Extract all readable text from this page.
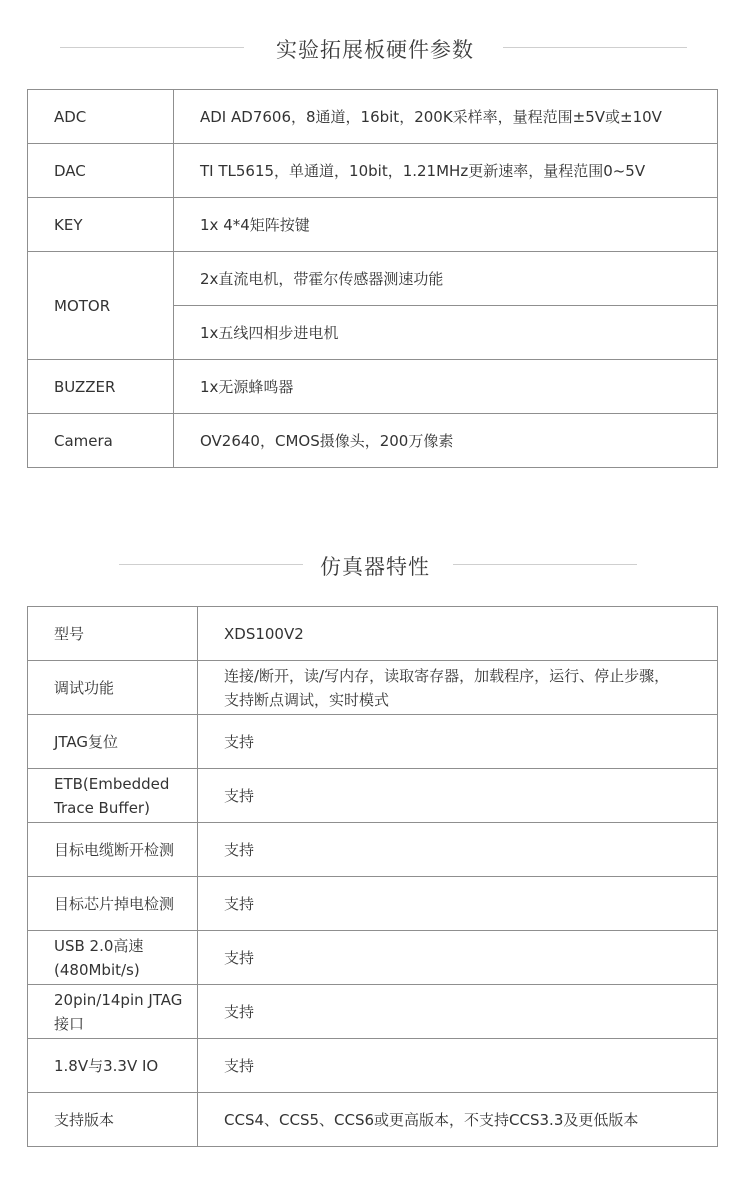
实验拓展板硬件参数
ADC	ADI AD7606，8通道，16bit，200K采样率，量程范围±5V或±10V
DAC	TI TL5615，单通道，10bit，1.21MHz更新速率，量程范围0~5V
KEY	1x 4*4矩阵按键
MOTOR	2x直流电机，带霍尔传感器测速功能
	1x五线四相步进电机
BUZZER	1x无源蜂鸣器
Camera	OV2640，CMOS摄像头，200万像素
仿真器特性
型号	XDS100V2
调试功能	连接/断开，读/写内存，读取寄存器，加载程序，运行、停止步骤，
支持断点调试，实时模式

JTAG复位	支持

ETB(Embedded
Trace Buffer)	支持
目标电缆断开检测	支持
目标芯片掉电检测	支持

USB 2.0高速
(480Mbit/s)	支持

20pin/14pin JTAG
接口	支持
1.8V与3.3V IO	支持
支持版本	CCS4、CCS5、CCS6或更高版本，不支持CCS3.3及更低版本
